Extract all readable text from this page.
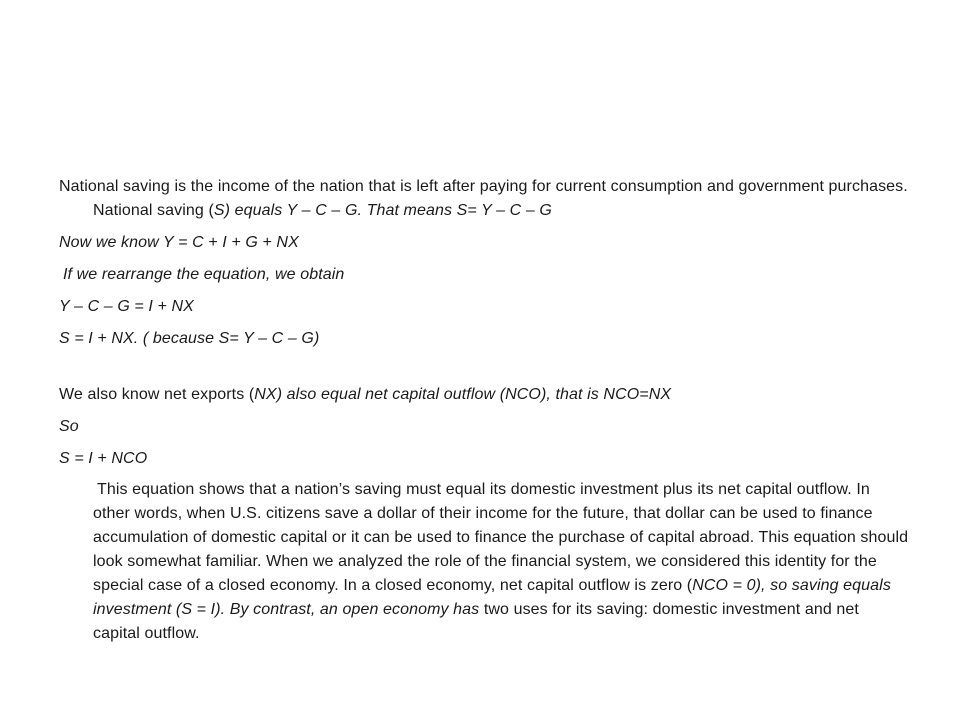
National saving is the income of the nation that is left after paying for current consumption and government purchases. National saving (S) equals Y – C – G. That means S= Y – C – G

Now we know Y = C + I + G + NX

If we rearrange the equation, we obtain

Y – C – G = I + NX

S = I + NX. ( because S= Y – C – G)

We also know net exports (NX) also equal net capital outflow (NCO), that is NCO=NX

So

S = I + NCO

This equation shows that a nation’s saving must equal its domestic investment plus its net capital outflow. In other words, when U.S. citizens save a dollar of their income for the future, that dollar can be used to finance accumulation of domestic capital or it can be used to finance the purchase of capital abroad. This equation should look somewhat familiar. When we analyzed the role of the financial system, we considered this identity for the special case of a closed economy. In a closed economy, net capital outflow is zero (NCO = 0), so saving equals investment (S = I). By contrast, an open economy has two uses for its saving: domestic investment and net capital outflow.
